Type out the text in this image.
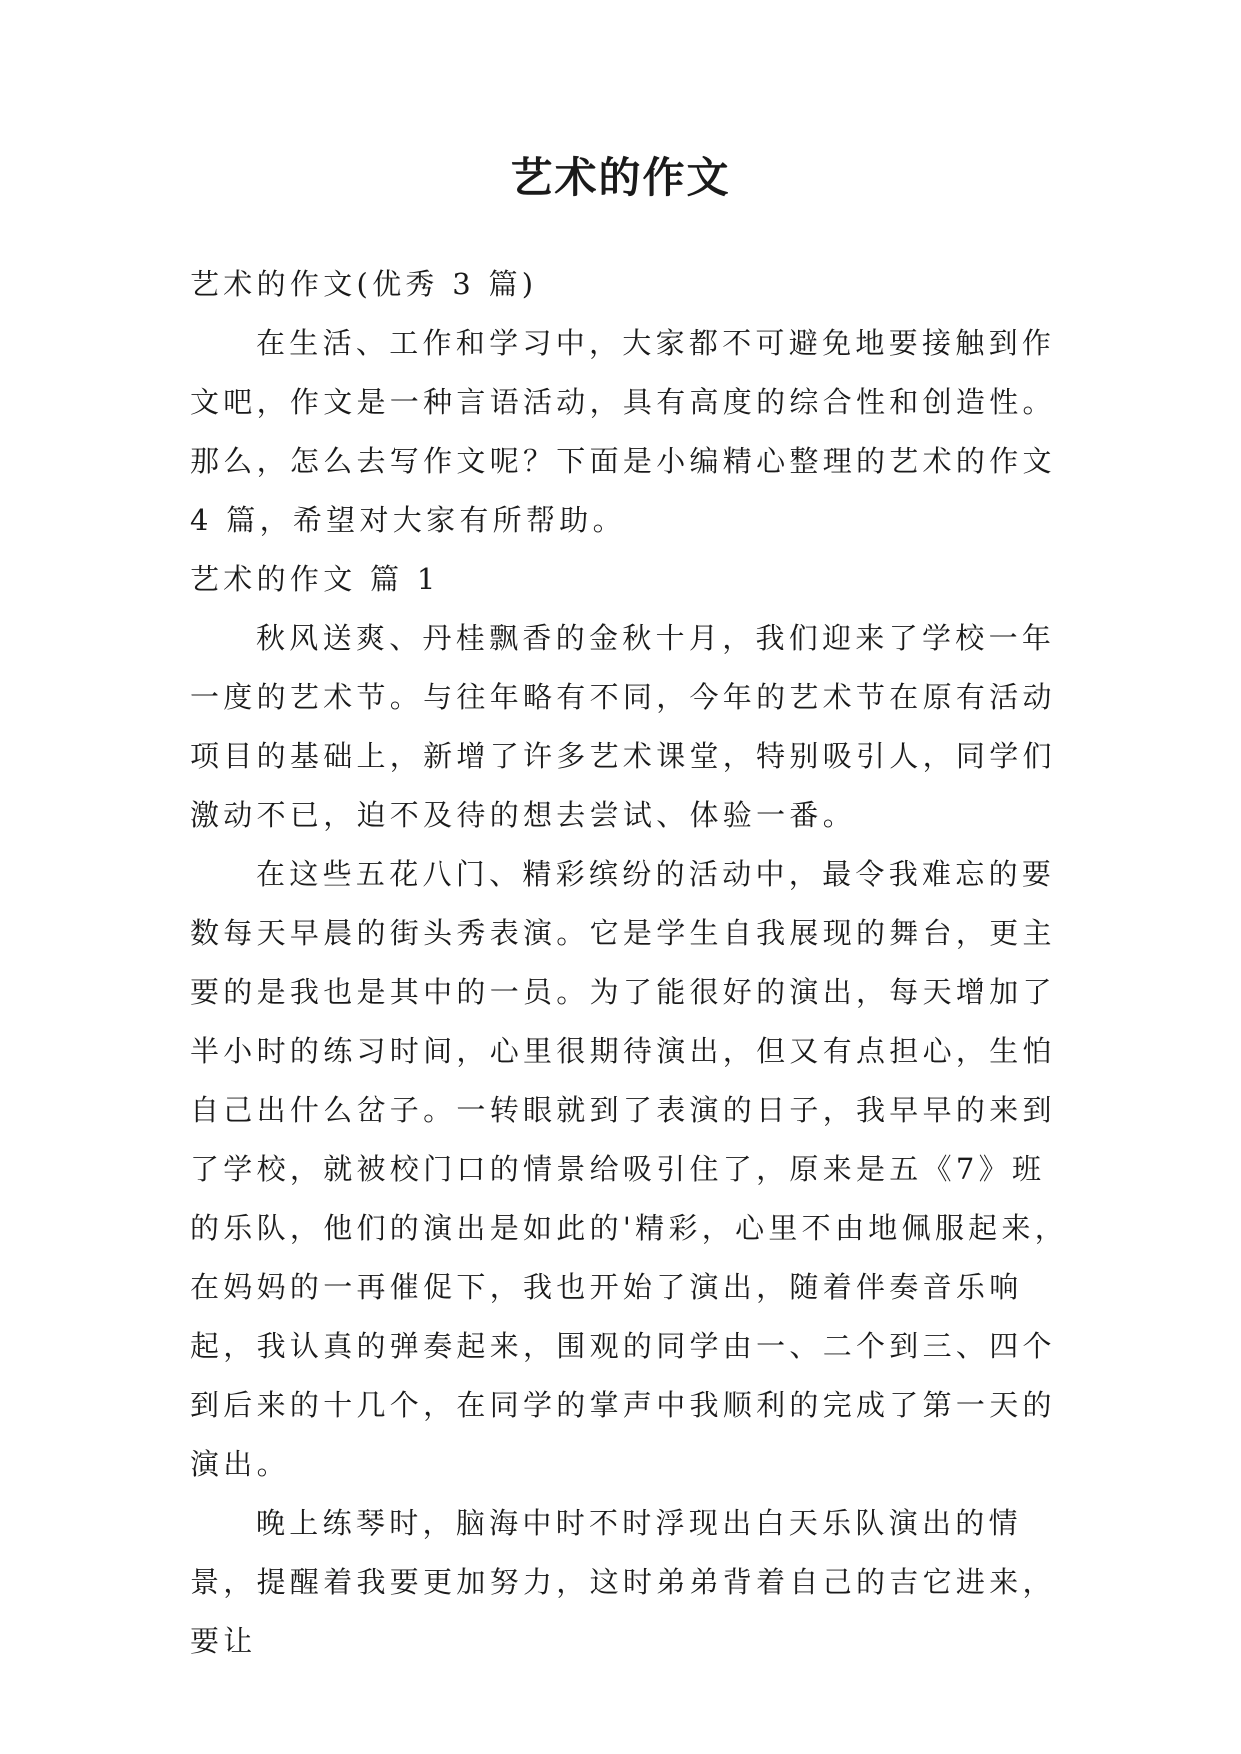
艺术的作文

艺术的作文(优秀 3 篇)

在生活、工作和学习中，大家都不可避免地要接触到作文吧，作文是一种言语活动，具有高度的综合性和创造性。那么，怎么去写作文呢？下面是小编精心整理的艺术的作文 4 篇，希望对大家有所帮助。

艺术的作文 篇 1

秋风送爽、丹桂飘香的金秋十月，我们迎来了学校一年一度的艺术节。与往年略有不同，今年的艺术节在原有活动项目的基础上，新增了许多艺术课堂，特别吸引人，同学们激动不已，迫不及待的想去尝试、体验一番。

在这些五花八门、精彩缤纷的活动中，最令我难忘的要数每天早晨的街头秀表演。它是学生自我展现的舞台，更主要的是我也是其中的一员。为了能很好的演出，每天增加了半小时的练习时间，心里很期待演出，但又有点担心，生怕自己出什么岔子。一转眼就到了表演的日子，我早早的来到了学校，就被校门口的情景给吸引住了，原来是五《7》班的乐队，他们的演出是如此的'精彩，心里不由地佩服起来，在妈妈的一再催促下，我也开始了演出，随着伴奏音乐响起，我认真的弹奏起来，围观的同学由一、二个到三、四个到后来的十几个，在同学的掌声中我顺利的完成了第一天的演出。

晚上练琴时，脑海中时不时浮现出白天乐队演出的情景，提醒着我要更加努力，这时弟弟背着自己的吉它进来，要让
